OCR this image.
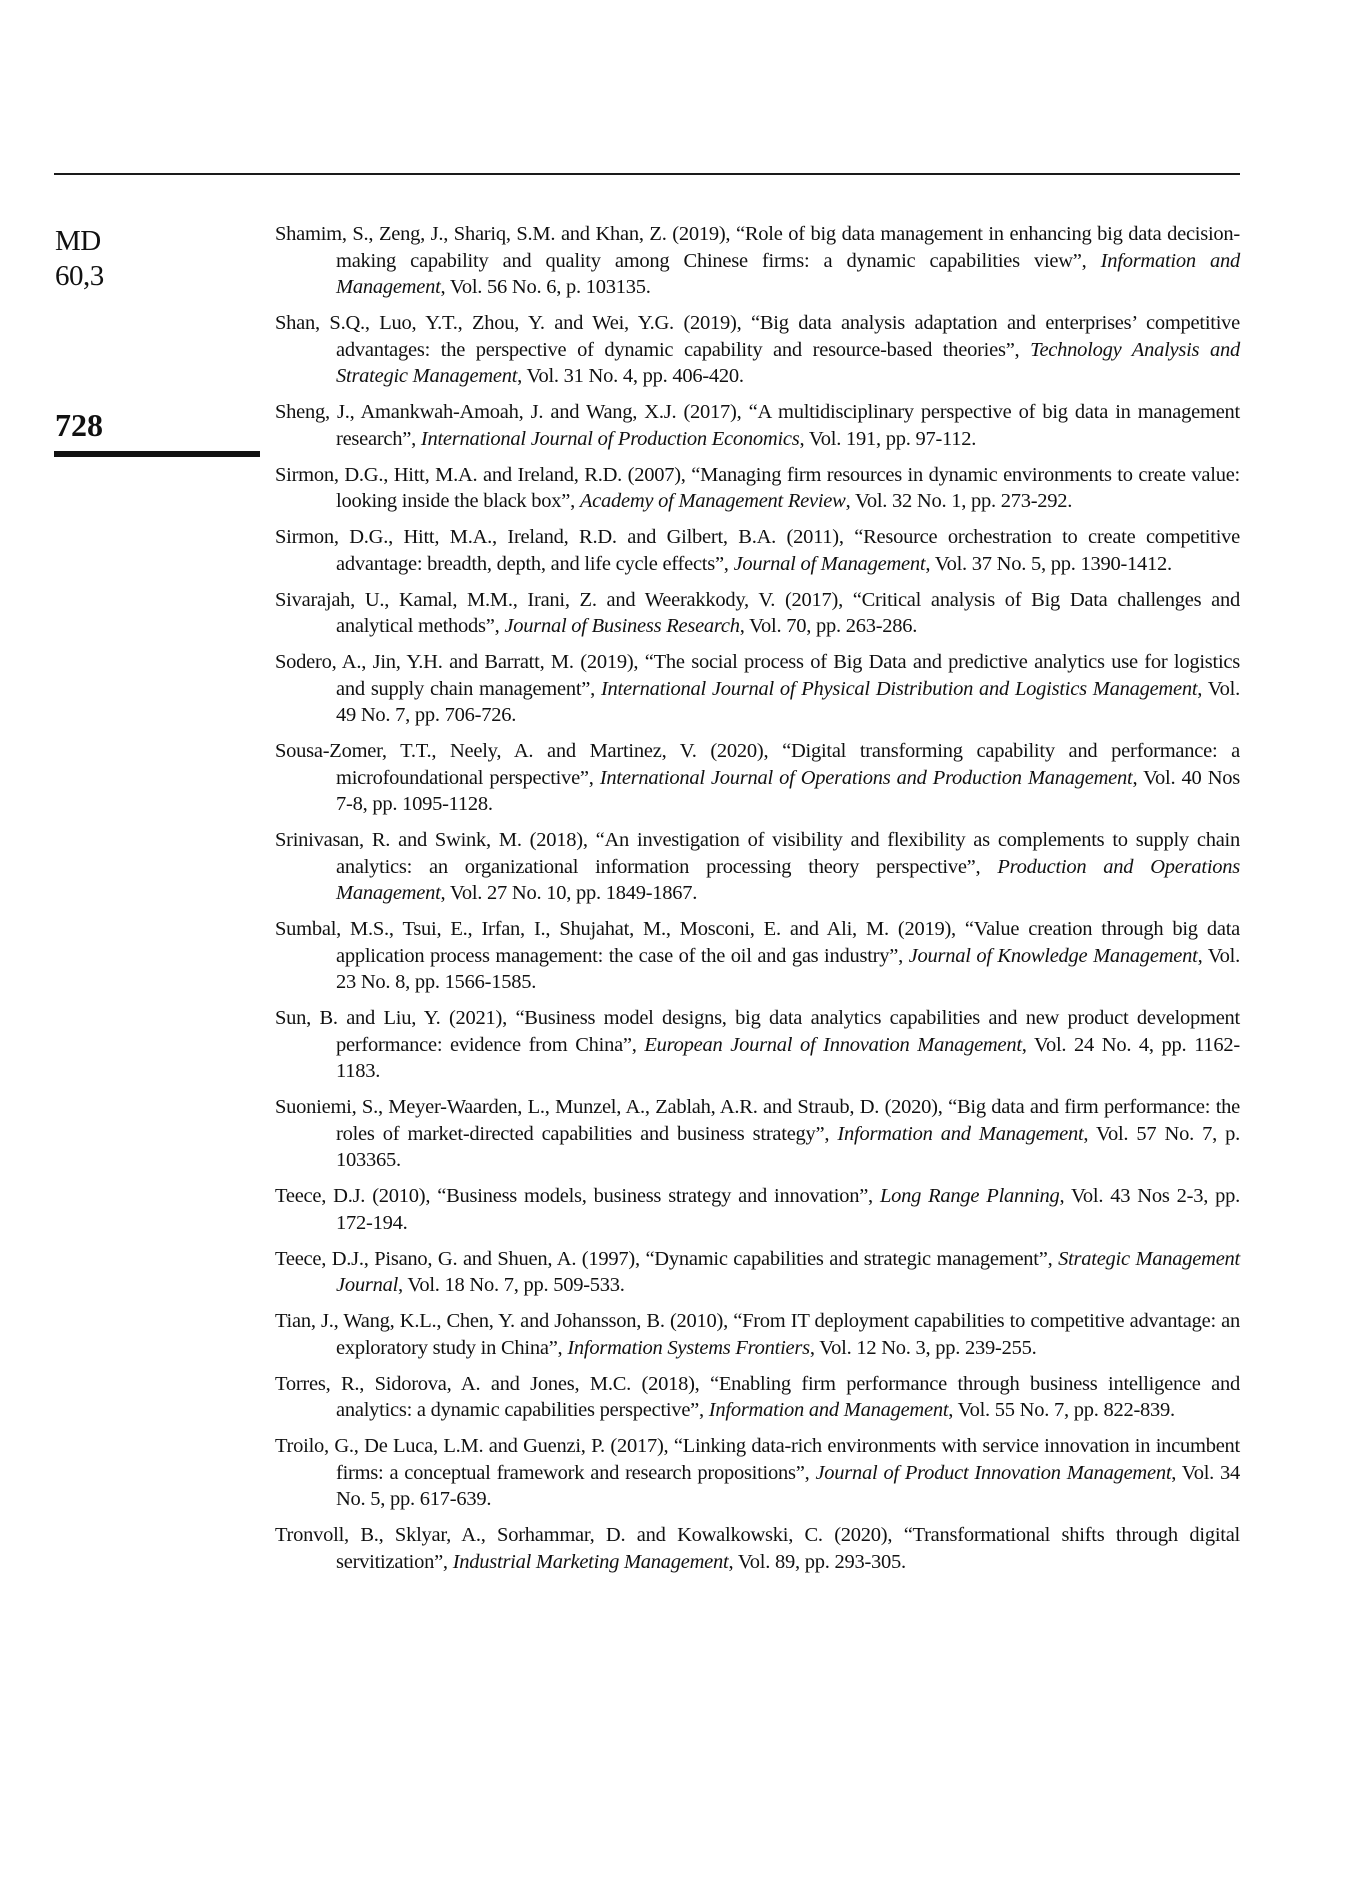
MD
60,3
728
Shamim, S., Zeng, J., Shariq, S.M. and Khan, Z. (2019), “Role of big data management in enhancing big data decision-making capability and quality among Chinese firms: a dynamic capabilities view”, Information and Management, Vol. 56 No. 6, p. 103135.
Shan, S.Q., Luo, Y.T., Zhou, Y. and Wei, Y.G. (2019), “Big data analysis adaptation and enterprises’ competitive advantages: the perspective of dynamic capability and resource-based theories”, Technology Analysis and Strategic Management, Vol. 31 No. 4, pp. 406-420.
Sheng, J., Amankwah-Amoah, J. and Wang, X.J. (2017), “A multidisciplinary perspective of big data in management research”, International Journal of Production Economics, Vol. 191, pp. 97-112.
Sirmon, D.G., Hitt, M.A. and Ireland, R.D. (2007), “Managing firm resources in dynamic environments to create value: looking inside the black box”, Academy of Management Review, Vol. 32 No. 1, pp. 273-292.
Sirmon, D.G., Hitt, M.A., Ireland, R.D. and Gilbert, B.A. (2011), “Resource orchestration to create competitive advantage: breadth, depth, and life cycle effects”, Journal of Management, Vol. 37 No. 5, pp. 1390-1412.
Sivarajah, U., Kamal, M.M., Irani, Z. and Weerakkody, V. (2017), “Critical analysis of Big Data challenges and analytical methods”, Journal of Business Research, Vol. 70, pp. 263-286.
Sodero, A., Jin, Y.H. and Barratt, M. (2019), “The social process of Big Data and predictive analytics use for logistics and supply chain management”, International Journal of Physical Distribution and Logistics Management, Vol. 49 No. 7, pp. 706-726.
Sousa-Zomer, T.T., Neely, A. and Martinez, V. (2020), “Digital transforming capability and performance: a microfoundational perspective”, International Journal of Operations and Production Management, Vol. 40 Nos 7-8, pp. 1095-1128.
Srinivasan, R. and Swink, M. (2018), “An investigation of visibility and flexibility as complements to supply chain analytics: an organizational information processing theory perspective”, Production and Operations Management, Vol. 27 No. 10, pp. 1849-1867.
Sumbal, M.S., Tsui, E., Irfan, I., Shujahat, M., Mosconi, E. and Ali, M. (2019), “Value creation through big data application process management: the case of the oil and gas industry”, Journal of Knowledge Management, Vol. 23 No. 8, pp. 1566-1585.
Sun, B. and Liu, Y. (2021), “Business model designs, big data analytics capabilities and new product development performance: evidence from China”, European Journal of Innovation Management, Vol. 24 No. 4, pp. 1162-1183.
Suoniemi, S., Meyer-Waarden, L., Munzel, A., Zablah, A.R. and Straub, D. (2020), “Big data and firm performance: the roles of market-directed capabilities and business strategy”, Information and Management, Vol. 57 No. 7, p. 103365.
Teece, D.J. (2010), “Business models, business strategy and innovation”, Long Range Planning, Vol. 43 Nos 2-3, pp. 172-194.
Teece, D.J., Pisano, G. and Shuen, A. (1997), “Dynamic capabilities and strategic management”, Strategic Management Journal, Vol. 18 No. 7, pp. 509-533.
Tian, J., Wang, K.L., Chen, Y. and Johansson, B. (2010), “From IT deployment capabilities to competitive advantage: an exploratory study in China”, Information Systems Frontiers, Vol. 12 No. 3, pp. 239-255.
Torres, R., Sidorova, A. and Jones, M.C. (2018), “Enabling firm performance through business intelligence and analytics: a dynamic capabilities perspective”, Information and Management, Vol. 55 No. 7, pp. 822-839.
Troilo, G., De Luca, L.M. and Guenzi, P. (2017), “Linking data-rich environments with service innovation in incumbent firms: a conceptual framework and research propositions”, Journal of Product Innovation Management, Vol. 34 No. 5, pp. 617-639.
Tronvoll, B., Sklyar, A., Sorhammar, D. and Kowalkowski, C. (2020), “Transformational shifts through digital servitization”, Industrial Marketing Management, Vol. 89, pp. 293-305.
